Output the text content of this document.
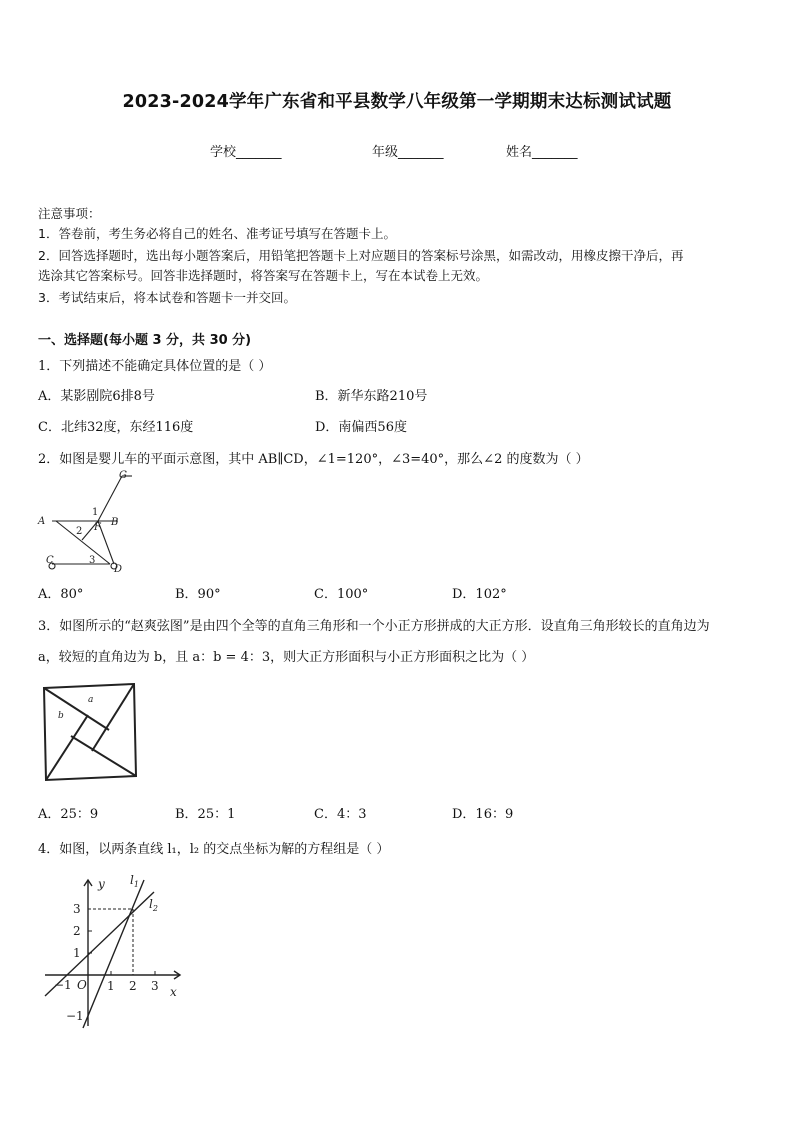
2023-2024学年广东省和平县数学八年级第一学期期末达标测试试题
学校_______	年级_______	姓名_______
注意事项：
1．答卷前，考生务必将自己的姓名、准考证号填写在答题卡上。
2．回答选择题时，选出每小题答案后，用铅笔把答题卡上对应题目的答案标号涂黑，如需改动，用橡皮擦干净后，再
选涂其它答案标号。回答非选择题时，将答案写在答题卡上，写在本试卷上无效。
3．考试结束后，将本试卷和答题卡一并交回。
一、选择题(每小题 3 分，共 30 分)
1．下列描述不能确定具体位置的是（ ）
A．某影剧院6排8号	B．新华东路210号
C．北纬32度，东经116度	D．南偏西56度
2．如图是婴儿车的平面示意图，其中 AB∥CD，∠1=120°，∠3=40°，那么∠2 的度数为（ ）
G
A	B
C
D
F
1
2
3
A．80°	B．90°	C．100°	D．102°
3．如图所示的“赵爽弦图”是由四个全等的直角三角形和一个小正方形拼成的大正方形．设直角三角形较长的直角边为
a，较短的直角边为 b，且 a：b = 4：3，则大正方形面积与小正方形面积之比为（ ）
a
b
A．25：9	B．25：1	C．4：3	D．16：9
4．如图，以两条直线 l₁，l₂ 的交点坐标为解的方程组是（ ）
y
x
O
$l_1$
$l_2$
3
2
1
−1
−1	1 2 3
